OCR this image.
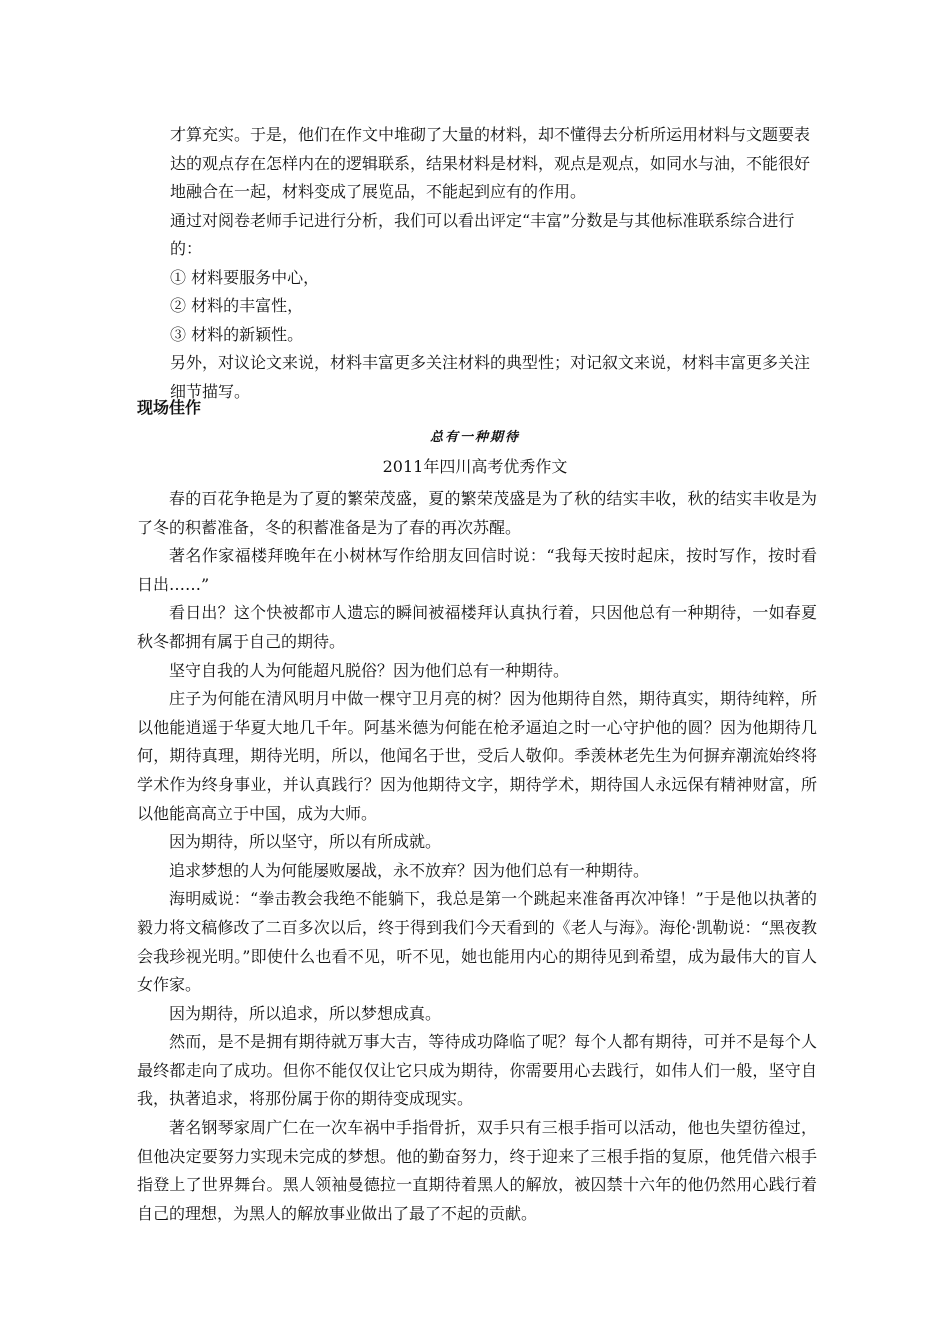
才算充实。于是，他们在作文中堆砌了大量的材料，却不懂得去分析所运用材料与文题要表达的观点存在怎样内在的逻辑联系，结果材料是材料，观点是观点，如同水与油，不能很好地融合在一起，材料变成了展览品，不能起到应有的作用。

通过对阅卷老师手记进行分析，我们可以看出评定“丰富”分数是与其他标准联系综合进行的：

① 材料要服务中心，

② 材料的丰富性，

③ 材料的新颖性。

另外，对议论文来说，材料丰富更多关注材料的典型性；对记叙文来说，材料丰富更多关注细节描写。

现场佳作
总有一种期待
2011年四川高考优秀作文

春的百花争艳是为了夏的繁荣茂盛，夏的繁荣茂盛是为了秋的结实丰收，秋的结实丰收是为了冬的积蓄准备，冬的积蓄准备是为了春的再次苏醒。

著名作家福楼拜晚年在小树林写作给朋友回信时说：“我每天按时起床，按时写作，按时看日出……”

看日出？这个快被都市人遗忘的瞬间被福楼拜认真执行着，只因他总有一种期待，一如春夏秋冬都拥有属于自己的期待。

坚守自我的人为何能超凡脱俗？因为他们总有一种期待。

庄子为何能在清风明月中做一棵守卫月亮的树？因为他期待自然，期待真实，期待纯粹，所以他能逍遥于华夏大地几千年。阿基米德为何能在枪矛逼迫之时一心守护他的圆？因为他期待几何，期待真理，期待光明，所以，他闻名于世，受后人敬仰。季羡林老先生为何摒弃潮流始终将学术作为终身事业，并认真践行？因为他期待文字，期待学术，期待国人永远保有精神财富，所以他能高高立于中国，成为大师。

因为期待，所以坚守，所以有所成就。

追求梦想的人为何能屡败屡战，永不放弃？因为他们总有一种期待。

海明威说：“拳击教会我绝不能躺下，我总是第一个跳起来准备再次冲锋！”于是他以执著的毅力将文稿修改了二百多次以后，终于得到我们今天看到的《老人与海》。海伦·凯勒说：“黑夜教会我珍视光明。”即使什么也看不见，听不见，她也能用内心的期待见到希望，成为最伟大的盲人女作家。

因为期待，所以追求，所以梦想成真。

然而，是不是拥有期待就万事大吉，等待成功降临了呢？每个人都有期待，可并不是每个人最终都走向了成功。但你不能仅仅让它只成为期待，你需要用心去践行，如伟人们一般，坚守自我，执著追求，将那份属于你的期待变成现实。

著名钢琴家周广仁在一次车祸中手指骨折，双手只有三根手指可以活动，他也失望彷徨过，但他决定要努力实现未完成的梦想。他的勤奋努力，终于迎来了三根手指的复原，他凭借六根手指登上了世界舞台。黑人领袖曼德拉一直期待着黑人的解放，被囚禁十六年的他仍然用心践行着自己的理想，为黑人的解放事业做出了最了不起的贡献。
